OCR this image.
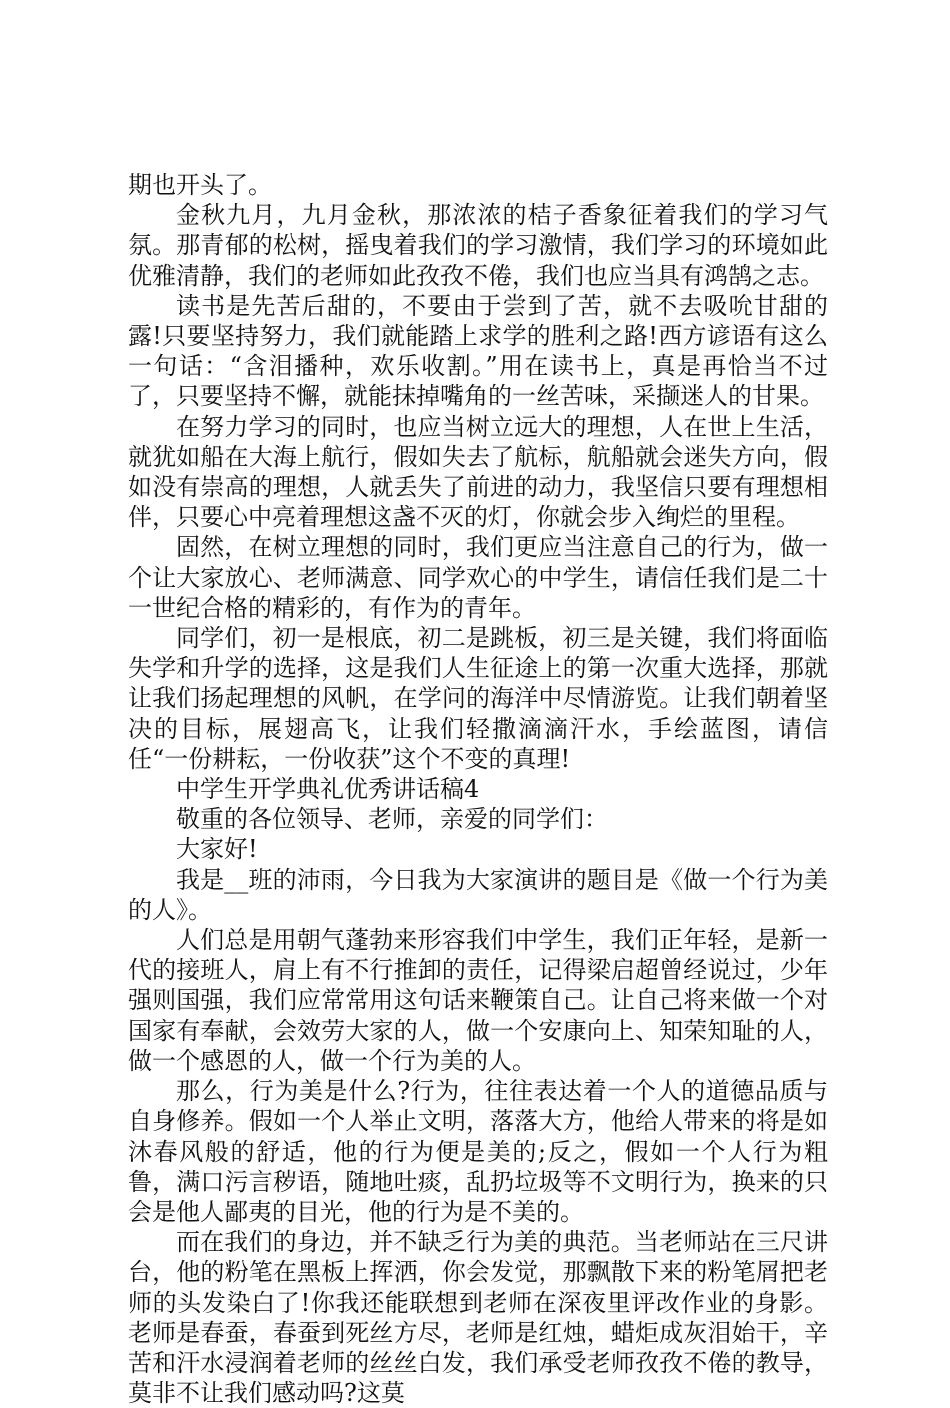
期也开头了。

金秋九月，九月金秋，那浓浓的桔子香象征着我们的学习气氛。那青郁的松树，摇曳着我们的学习激情，我们学习的环境如此优雅清静，我们的老师如此孜孜不倦，我们也应当具有鸿鹄之志。

读书是先苦后甜的，不要由于尝到了苦，就不去吸吮甘甜的露!只要坚持努力，我们就能踏上求学的胜利之路!西方谚语有这么一句话：“含泪播种，欢乐收割。”用在读书上，真是再恰当不过了，只要坚持不懈，就能抹掉嘴角的一丝苦味，采撷迷人的甘果。

在努力学习的同时，也应当树立远大的理想，人在世上生活，就犹如船在大海上航行，假如失去了航标，航船就会迷失方向，假如没有崇高的理想，人就丢失了前进的动力，我坚信只要有理想相伴，只要心中亮着理想这盏不灭的灯，你就会步入绚烂的里程。

固然，在树立理想的同时，我们更应当注意自己的行为，做一个让大家放心、老师满意、同学欢心的中学生，请信任我们是二十一世纪合格的精彩的，有作为的青年。

同学们，初一是根底，初二是跳板，初三是关键，我们将面临失学和升学的选择，这是我们人生征途上的第一次重大选择，那就让我们扬起理想的风帆，在学问的海洋中尽情游览。让我们朝着坚决的目标，展翅高飞，让我们轻撒滴滴汗水，手绘蓝图，请信任“一份耕耘，一份收获”这个不变的真理!

中学生开学典礼优秀讲话稿4

敬重的各位领导、老师，亲爱的同学们：

大家好!

我是__班的沛雨，今日我为大家演讲的题目是《做一个行为美的人》。

人们总是用朝气蓬勃来形容我们中学生，我们正年轻，是新一代的接班人，肩上有不行推卸的责任，记得梁启超曾经说过，少年强则国强，我们应常常用这句话来鞭策自己。让自己将来做一个对国家有奉献，会效劳大家的人，做一个安康向上、知荣知耻的人，做一个感恩的人，做一个行为美的人。

那么，行为美是什么?行为，往往表达着一个人的道德品质与自身修养。假如一个人举止文明，落落大方，他给人带来的将是如沐春风般的舒适，他的行为便是美的;反之，假如一个人行为粗鲁，满口污言秽语，随地吐痰，乱扔垃圾等不文明行为，换来的只会是他人鄙夷的目光，他的行为是不美的。

而在我们的身边，并不缺乏行为美的典范。当老师站在三尺讲台，他的粉笔在黑板上挥洒，你会发觉，那飘散下来的粉笔屑把老师的头发染白了!你我还能联想到老师在深夜里评改作业的身影。老师是春蚕，春蚕到死丝方尽，老师是红烛，蜡炬成灰泪始干，辛苦和汗水浸润着老师的丝丝白发，我们承受老师孜孜不倦的教导，莫非不让我们感动吗?这莫
